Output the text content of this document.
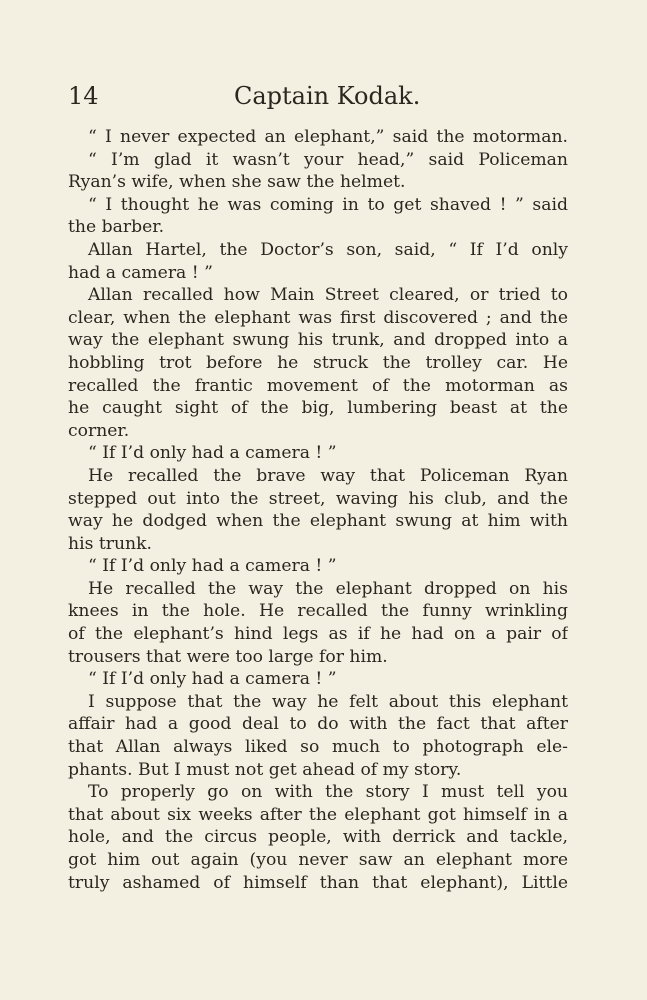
14	Captain Kodak.
“ I never expected an elephant,” said the motorman.
“ I’m glad it wasn’t your head,” said Policeman
Ryan’s wife, when she saw the helmet.
“ I thought he was coming in to get shaved ! ” said
the barber.
Allan Hartel, the Doctor’s son, said, “ If I’d only
had a camera ! ”
Allan recalled how Main Street cleared, or tried to
clear, when the elephant was first discovered ; and the
way the elephant swung his trunk, and dropped into a
hobbling trot before he struck the trolley car. He
recalled the frantic movement of the motorman as
he caught sight of the big, lumbering beast at the
corner.
“ If I’d only had a camera ! ”
He recalled the brave way that Policeman Ryan
stepped out into the street, waving his club, and the
way he dodged when the elephant swung at him with
his trunk.
“ If I’d only had a camera ! ”
He recalled the way the elephant dropped on his
knees in the hole. He recalled the funny wrinkling
of the elephant’s hind legs as if he had on a pair of
trousers that were too large for him.
“ If I’d only had a camera ! ”
I suppose that the way he felt about this elephant
affair had a good deal to do with the fact that after
that Allan always liked so much to photograph ele-
phants. But I must not get ahead of my story.
To properly go on with the story I must tell you
that about six weeks after the elephant got himself in a
hole, and the circus people, with derrick and tackle,
got him out again (you never saw an elephant more
truly ashamed of himself than that elephant), Little
